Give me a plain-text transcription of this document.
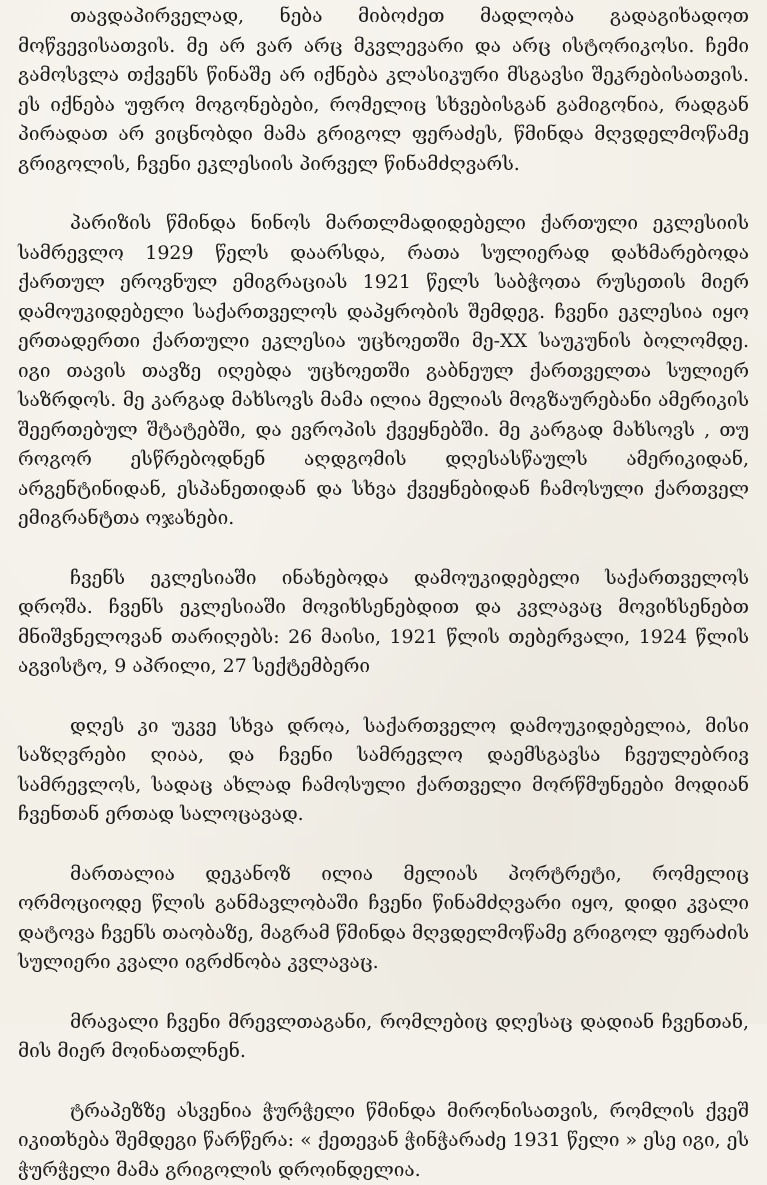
თავდაპირველად, ნება მიბოძეთ მადლობა გადაგიხადოთ მოწვევისათვის. მე არ ვარ არც მკვლევარი და არც ისტორიკოსი. ჩემი გამოსვლა თქვენს წინაშე არ იქნება კლასიკური მსგავსი შეკრებისათვის. ეს იქნება უფრო მოგონებები, რომელიც სხვებისგან გამიგონია, რადგან პირადათ არ ვიცნობდი მამა გრიგოლ ფერაძეს, წმინდა მღვდელმოწამე გრიგოლის, ჩვენი ეკლესიის პირველ წინამძღვარს.

პარიზის წმინდა ნინოს მართლმადიდებელი ქართული ეკლესიის სამრევლო 1929 წელს დაარსდა, რათა სულიერად დახმარებოდა ქართულ ეროვნულ ემიგრაციას 1921 წელს საბჭოთა რუსეთის მიერ დამოუკიდებელი საქართველოს დაპყრობის შემდეგ. ჩვენი ეკლესია იყო ერთადერთი ქართული ეკლესია უცხოეთში მე-XX საუკუნის ბოლომდე. იგი თავის თავზე იღებდა უცხოეთში გაბნეულ ქართველთა სულიერ საზრდოს. მე კარგად მახსოვს მამა ილია მელიას მოგზაურებანი ამერიკის შეერთებულ შტატებში, და ევროპის ქვეყნებში. მე კარგად მახსოვს , თუ როგორ ესწრებოდნენ აღდგომის დღესასწაულს ამერიკიდან, არგენტინიდან, ესპანეთიდან და სხვა ქვეყნებიდან ჩამოსული ქართველ ემიგრანტთა ოჯახები.

ჩვენს ეკლესიაში ინახებოდა დამოუკიდებელი საქართველოს დროშა. ჩვენს ეკლესიაში მოვიხსენებდით და კვლავაც მოვიხსენებთ მნიშვნელოვან თარიღებს: 26 მაისი, 1921 წლის თებერვალი, 1924 წლის აგვისტო, 9 აპრილი, 27 სექტემბერი

დღეს კი უკვე სხვა დროა, საქართველო დამოუკიდებელია, მისი საზღვრები ღიაა, და ჩვენი სამრევლო დაემსგავსა ჩვეულებრივ სამრევლოს, სადაც ახლად ჩამოსული ქართველი მორწმუნეები მოდიან ჩვენთან ერთად სალოცავად.

მართალია დეკანოზ ილია მელიას პორტრეტი, რომელიც ორმოციოდე წლის განმავლობაში ჩვენი წინამძღვარი იყო, დიდი კვალი დატოვა ჩვენს თაობაზე, მაგრამ წმინდა მღვდელმოწამე გრიგოლ ფერაძის სულიერი კვალი იგრძნობა კვლავაც.

მრავალი ჩვენი მრევლთაგანი, რომლებიც დღესაც დადიან ჩვენთან, მის მიერ მოინათლნენ.

ტრაპეზზე ასვენია ჭურჭელი წმინდა მირონისათვის, რომლის ქვეშ იკითხება შემდეგი წარწერა: « ქეთევან ჭინჭარაძე 1931 წელი » ესე იგი, ეს ჭურჭელი მამა გრიგოლის დროინდელია.
